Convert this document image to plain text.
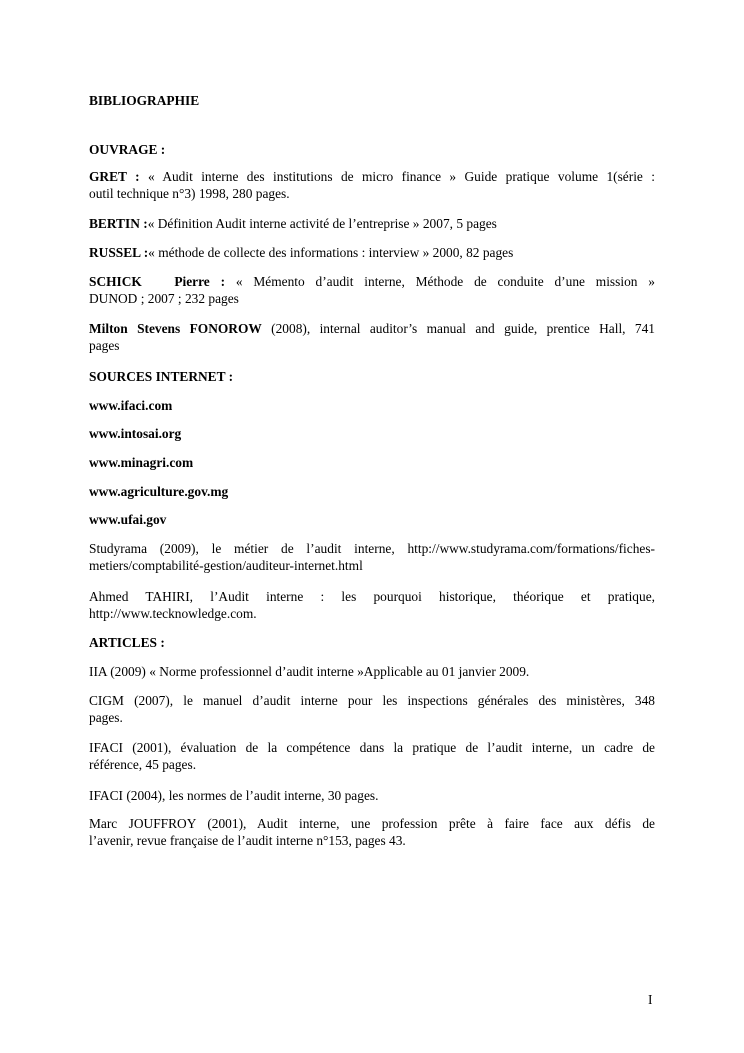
BIBLIOGRAPHIE
OUVRAGE :
GRET : « Audit interne des institutions de micro finance » Guide pratique volume 1(série :
outil technique n°3) 1998, 280 pages.
BERTIN :« Définition Audit interne activité de l’entreprise » 2007, 5 pages
RUSSEL :« méthode de collecte des informations : interview » 2000, 82 pages
SCHICK   Pierre : « Mémento d’audit interne, Méthode de conduite d’une mission »
DUNOD ; 2007 ; 232 pages
Milton Stevens FONOROW (2008), internal auditor’s manual and guide, prentice Hall, 741
pages
SOURCES INTERNET :
www.ifaci.com
www.intosai.org
www.minagri.com
www.agriculture.gov.mg
www.ufai.gov
Studyrama (2009), le métier de l’audit interne, http://www.studyrama.com/formations/fiches-
metiers/comptabilité-gestion/auditeur-internet.html
Ahmed TAHIRI, l’Audit interne : les pourquoi historique, théorique et pratique,
http://www.tecknowledge.com.
ARTICLES :
IIA (2009) « Norme professionnel d’audit interne »Applicable au 01 janvier 2009.
CIGM (2007), le manuel d’audit interne pour les inspections générales des ministères, 348
pages.
IFACI (2001), évaluation de la compétence dans la pratique de l’audit interne, un cadre de
référence, 45 pages.
IFACI (2004), les normes de l’audit interne, 30 pages.
Marc JOUFFROY (2001), Audit interne, une profession prête à faire face aux défis de
l’avenir, revue française de l’audit interne n°153, pages 43.
I
